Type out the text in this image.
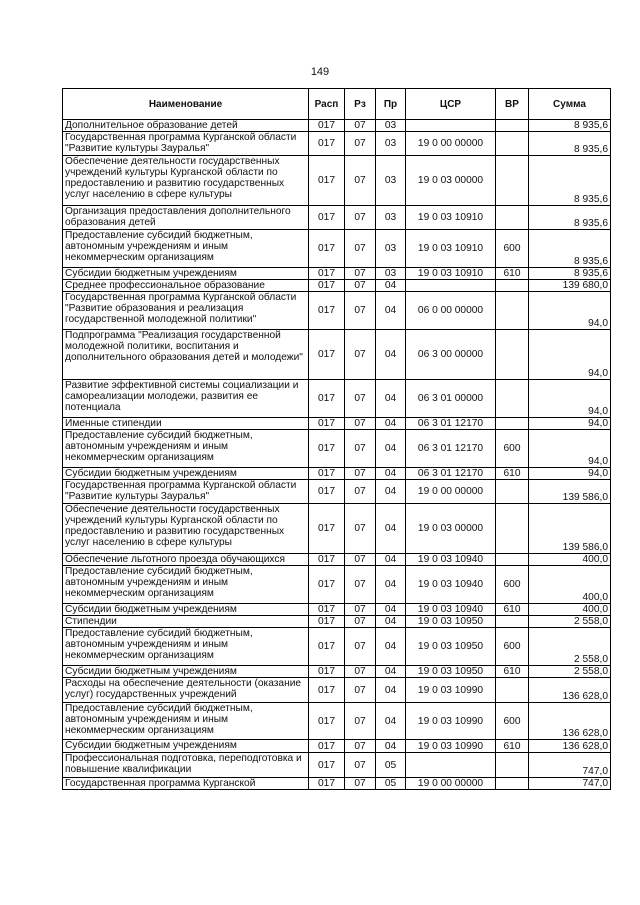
149
Наименование	Расп	Рз	Пр	ЦСР	ВР	Сумма
Дополнительное образование детей	017	07	03			8 935,6
Государственная программа Курганской области "Развитие культуры Зауралья"	017	07	03	19 0 00 00000		8 935,6
Обеспечение деятельности государственных учреждений культуры Курганской области по предоставлению и развитию государственных услуг населению в сфере культуры	017	07	03	19 0 03 00000		8 935,6
Организация предоставления дополнительного образования детей	017	07	03	19 0 03 10910		8 935,6
Предоставление субсидий бюджетным, автономным учреждениям и иным некоммерческим организациям	017	07	03	19 0 03 10910	600	8 935,6
Субсидии бюджетным учреждениям	017	07	03	19 0 03 10910	610	8 935,6
Среднее профессиональное образование	017	07	04			139 680,0
Государственная программа Курганской области "Развитие образования и реализация государственной молодежной политики"	017	07	04	06 0 00 00000		94,0
Подпрограмма "Реализация государственной молодежной политики, воспитания и дополнительного образования детей и молодежи"	017	07	04	06 3 00 00000		94,0
Развитие эффективной системы социализации и самореализации молодежи, развития ее потенциала	017	07	04	06 3 01 00000		94,0
Именные стипендии	017	07	04	06 3 01 12170		94,0
Предоставление субсидий бюджетным, автономным учреждениям и иным некоммерческим организациям	017	07	04	06 3 01 12170	600	94,0
Субсидии бюджетным учреждениям	017	07	04	06 3 01 12170	610	94,0
Государственная программа Курганской области "Развитие культуры Зауралья"	017	07	04	19 0 00 00000		139 586,0
Обеспечение деятельности государственных учреждений культуры Курганской области по предоставлению и развитию государственных услуг населению в сфере культуры	017	07	04	19 0 03 00000		139 586,0
Обеспечение льготного проезда обучающихся	017	07	04	19 0 03 10940		400,0
Предоставление субсидий бюджетным, автономным учреждениям и иным некоммерческим организациям	017	07	04	19 0 03 10940	600	400,0
Субсидии бюджетным учреждениям	017	07	04	19 0 03 10940	610	400,0
Стипендии	017	07	04	19 0 03 10950		2 558,0
Предоставление субсидий бюджетным, автономным учреждениям и иным некоммерческим организациям	017	07	04	19 0 03 10950	600	2 558,0
Субсидии бюджетным учреждениям	017	07	04	19 0 03 10950	610	2 558,0
Расходы на обеспечение деятельности (оказание услуг) государственных учреждений	017	07	04	19 0 03 10990		136 628,0
Предоставление субсидий бюджетным, автономным учреждениям и иным некоммерческим организациям	017	07	04	19 0 03 10990	600	136 628,0
Субсидии бюджетным учреждениям	017	07	04	19 0 03 10990	610	136 628,0
Профессиональная подготовка, переподготовка и повышение квалификации	017	07	05			747,0
Государственная программа Курганской	017	07	05	19 0 00 00000		747,0
